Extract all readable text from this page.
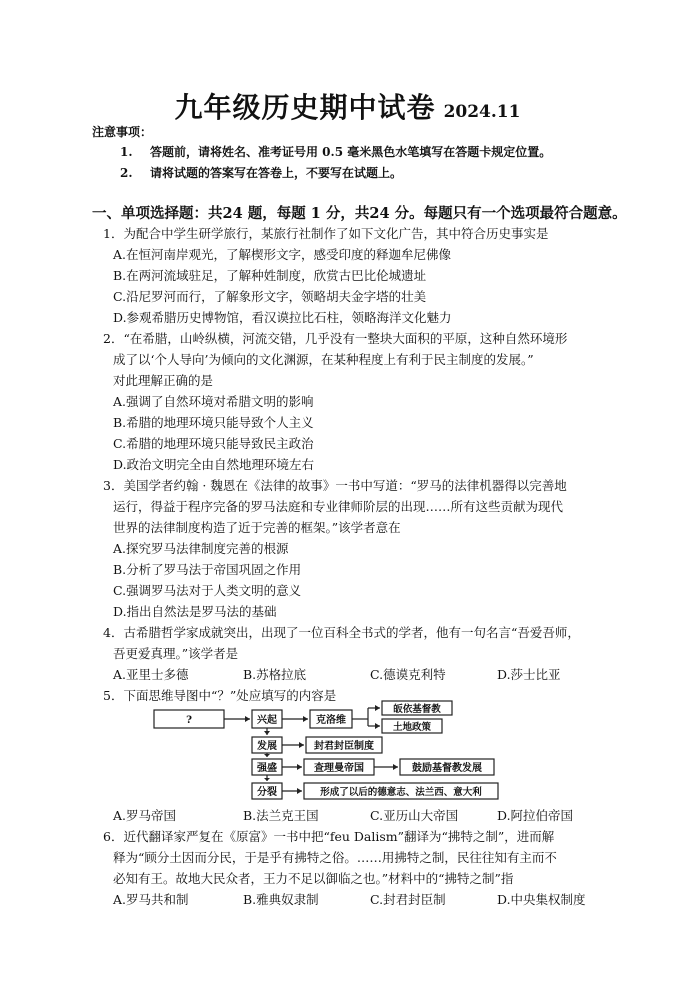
九年级历史期中试卷 2024.11
注意事项：
1. 答题前，请将姓名、准考证号用 0.5 毫米黑色水笔填写在答题卡规定位置。
2. 请将试题的答案写在答卷上，不要写在试题上。
一、单项选择题：共24 题，每题 1 分，共24 分。每题只有一个选项最符合题意。
1．为配合中学生研学旅行，某旅行社制作了如下文化广告，其中符合历史事实是
A.在恒河南岸观光，了解楔形文字，感受印度的释迦牟尼佛像
B.在两河流域驻足，了解种姓制度，欣赏古巴比伦城遗址
C.沿尼罗河而行，了解象形文字，领略胡夫金字塔的壮美
D.参观希腊历史博物馆，看汉谟拉比石柱，领略海洋文化魅力
2．“在希腊，山岭纵横，河流交错，几乎没有一整块大面积的平原，这种自然环境形
成了以‘个人导向’为倾向的文化渊源，在某种程度上有利于民主制度的发展。”
对此理解正确的是
A.强调了自然环境对希腊文明的影响
B.希腊的地理环境只能导致个人主义
C.希腊的地理环境只能导致民主政治
D.政治文明完全由自然地理环境左右
3．美国学者约翰 · 魏恩在《法律的故事》一书中写道：“罗马的法律机器得以完善地
运行，得益于程序完备的罗马法庭和专业律师阶层的出现……所有这些贡献为现代
世界的法律制度构造了近于完善的框架。”该学者意在
A.探究罗马法律制度完善的根源
B.分析了罗马法于帝国巩固之作用
C.强调罗马法对于人类文明的意义
D.指出自然法是罗马法的基础
4．古希腊哲学家成就突出，出现了一位百科全书式的学者，他有一句名言“吾爱吾师，
吾更爱真理。”该学者是
A.亚里士多德	B.苏格拉底	C.德谟克利特	D.莎士比亚
5．下面思维导图中“？”处应填写的内容是
?	兴起	克洛维
皈依基督教
土地政策
发展	封君封臣制度
强盛	查理曼帝国	鼓励基督教发展
分裂	形成了以后的德意志、法兰西、意大利
A.罗马帝国	B.法兰克王国	C.亚历山大帝国	D.阿拉伯帝国
6．近代翻译家严复在《原富》一书中把“feu Dalism”翻译为“拂特之制”，进而解
释为“顾分土因而分民，于是乎有拂特之俗。……用拂特之制，民往往知有主而不
必知有王。故地大民众者，王力不足以御临之也。”材料中的“拂特之制”指
A.罗马共和制	B.雅典奴隶制	C.封君封臣制	D.中央集权制度
